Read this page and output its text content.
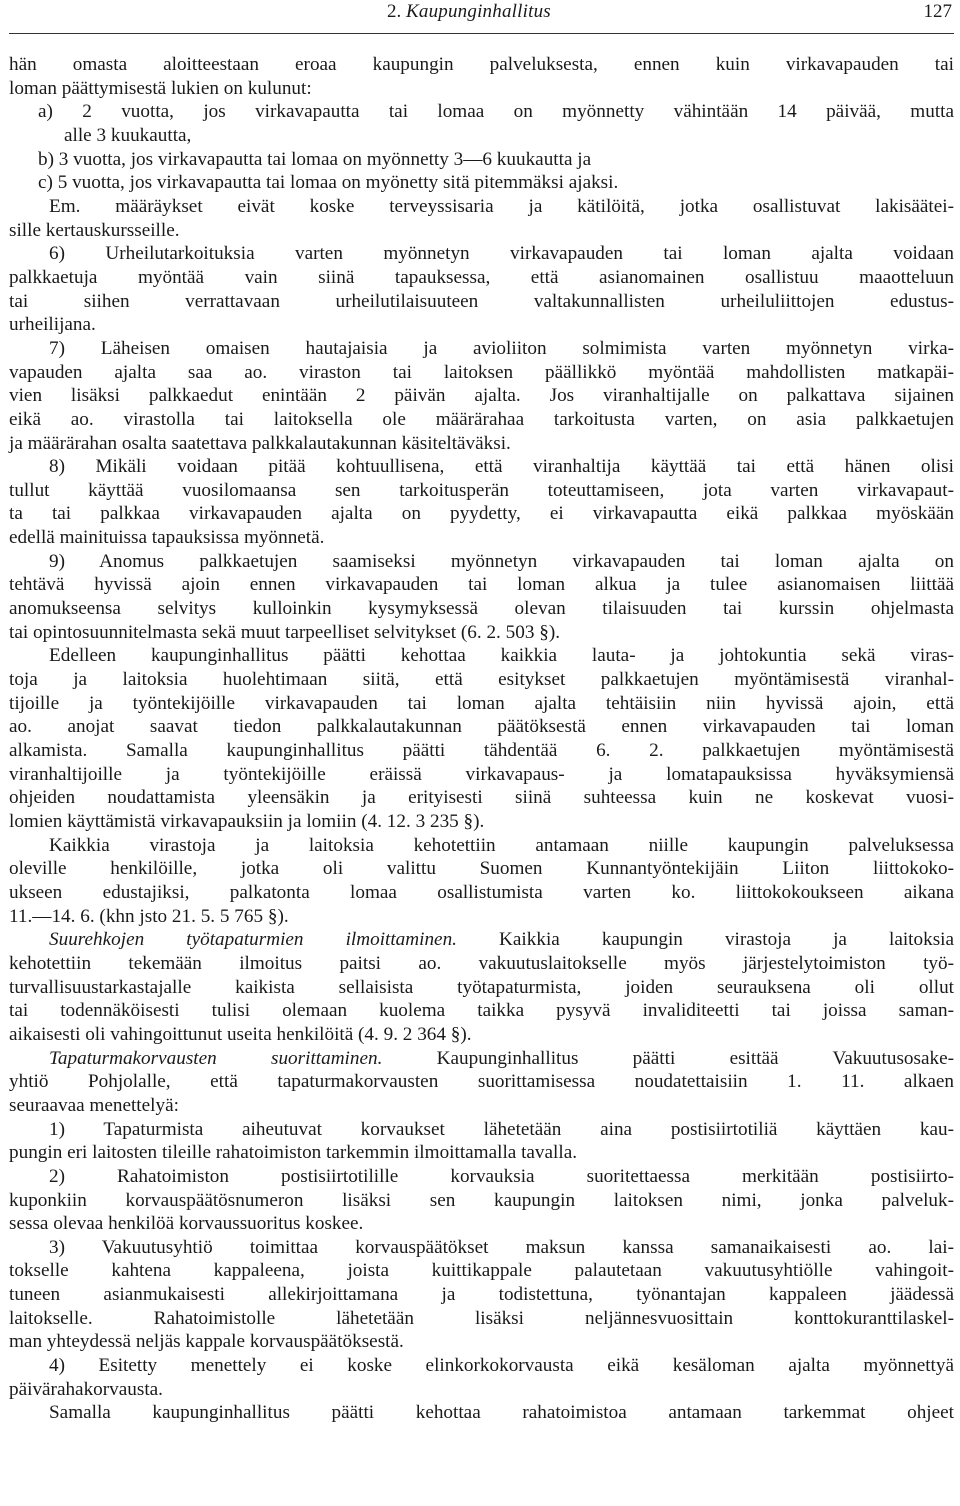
2. Kaupunginhallitus	127
hän omasta aloitteestaan eroaa kaupungin palveluksesta, ennen kuin virkavapauden tai
loman päättymisestä lukien on kulunut:
a) 2 vuotta, jos virkavapautta tai lomaa on myönnetty vähintään 14 päivää, mutta
alle 3 kuukautta,
b) 3 vuotta, jos virkavapautta tai lomaa on myönnetty 3—6 kuukautta ja
c) 5 vuotta, jos virkavapautta tai lomaa on myönetty sitä pitemmäksi ajaksi.
Em. määräykset eivät koske terveyssisaria ja kätilöitä, jotka osallistuvat lakisäätei-
sille kertauskursseille.
6) Urheilutarkoituksia varten myönnetyn virkavapauden tai loman ajalta voidaan
palkkaetuja myöntää vain siinä tapauksessa, että asianomainen osallistuu maaotteluun
tai siihen verrattavaan urheilutilaisuuteen valtakunnallisten urheiluliittojen edustus-
urheilijana.
7) Läheisen omaisen hautajaisia ja avioliiton solmimista varten myönnetyn virka-
vapauden ajalta saa ao. viraston tai laitoksen päällikkö myöntää mahdollisten matkapäi-
vien lisäksi palkkaedut enintään 2 päivän ajalta. Jos viranhaltijalle on palkattava sijainen
eikä ao. virastolla tai laitoksella ole määrärahaa tarkoitusta varten, on asia palkkaetujen
ja määrärahan osalta saatettava palkkalautakunnan käsiteltäväksi.
8) Mikäli voidaan pitää kohtuullisena, että viranhaltija käyttää tai että hänen olisi
tullut käyttää vuosilomaansa sen tarkoitusperän toteuttamiseen, jota varten virkavapaut-
ta tai palkkaa virkavapauden ajalta on pyydetty, ei virkavapautta eikä palkkaa myöskään
edellä mainituissa tapauksissa myönnetä.
9) Anomus palkkaetujen saamiseksi myönnetyn virkavapauden tai loman ajalta on
tehtävä hyvissä ajoin ennen virkavapauden tai loman alkua ja tulee asianomaisen liittää
anomukseensa selvitys kulloinkin kysymyksessä olevan tilaisuuden tai kurssin ohjelmasta
tai opintosuunnitelmasta sekä muut tarpeelliset selvitykset (6. 2. 503 §).
Edelleen kaupunginhallitus päätti kehottaa kaikkia lauta- ja johtokuntia sekä viras-
toja ja laitoksia huolehtimaan siitä, että esitykset palkkaetujen myöntämisestä viranhal-
tijoille ja työntekijöille virkavapauden tai loman ajalta tehtäisiin niin hyvissä ajoin, että
ao. anojat saavat tiedon palkkalautakunnan päätöksestä ennen virkavapauden tai loman
alkamista. Samalla kaupunginhallitus päätti tähdentää 6. 2. palkkaetujen myöntämisestä
viranhaltijoille ja työntekijöille eräissä virkavapaus- ja lomatapauksissa hyväksymiensä
ohjeiden noudattamista yleensäkin ja erityisesti siinä suhteessa kuin ne koskevat vuosi-
lomien käyttämistä virkavapauksiin ja lomiin (4. 12. 3 235 §).
Kaikkia virastoja ja laitoksia kehotettiin antamaan niille kaupungin palveluksessa
oleville henkilöille, jotka oli valittu Suomen Kunnantyöntekijäin Liiton liittokoko-
ukseen edustajiksi, palkatonta lomaa osallistumista varten ko. liittokokoukseen aikana
11.—14. 6. (khn jsto 21. 5. 5 765 §).
Suurehkojen työtapaturmien ilmoittaminen. Kaikkia kaupungin virastoja ja laitoksia
kehotettiin tekemään ilmoitus paitsi ao. vakuutuslaitokselle myös järjestelytoimiston työ-
turvallisuustarkastajalle kaikista sellaisista työtapaturmista, joiden seurauksena oli ollut
tai todennäköisesti tulisi olemaan kuolema taikka pysyvä invaliditeetti tai joissa saman-
aikaisesti oli vahingoittunut useita henkilöitä (4. 9. 2 364 §).
Tapaturmakorvausten suorittaminen. Kaupunginhallitus päätti esittää Vakuutusosake-
yhtiö Pohjolalle, että tapaturmakorvausten suorittamisessa noudatettaisiin 1. 11. alkaen
seuraavaa menettelyä:
1) Tapaturmista aiheutuvat korvaukset lähetetään aina postisiirtotiliä käyttäen kau-
pungin eri laitosten tileille rahatoimiston tarkemmin ilmoittamalla tavalla.
2) Rahatoimiston postisiirtotilille korvauksia suoritettaessa merkitään postisiirto-
kuponkiin korvauspäätösnumeron lisäksi sen kaupungin laitoksen nimi, jonka palveluk-
sessa olevaa henkilöä korvaussuoritus koskee.
3) Vakuutusyhtiö toimittaa korvauspäätökset maksun kanssa samanaikaisesti ao. lai-
tokselle kahtena kappaleena, joista kuittikappale palautetaan vakuutusyhtiölle vahingoit-
tuneen asianmukaisesti allekirjoittamana ja todistettuna, työnantajan kappaleen jäädessä
laitokselle. Rahatoimistolle lähetetään lisäksi neljännesvuosittain konttokuranttilaskel-
man yhteydessä neljäs kappale korvauspäätöksestä.
4) Esitetty menettely ei koske elinkorkokorvausta eikä kesäloman ajalta myönnettyä
päivärahakorvausta.
Samalla kaupunginhallitus päätti kehottaa rahatoimistoa antamaan tarkemmat ohjeet
